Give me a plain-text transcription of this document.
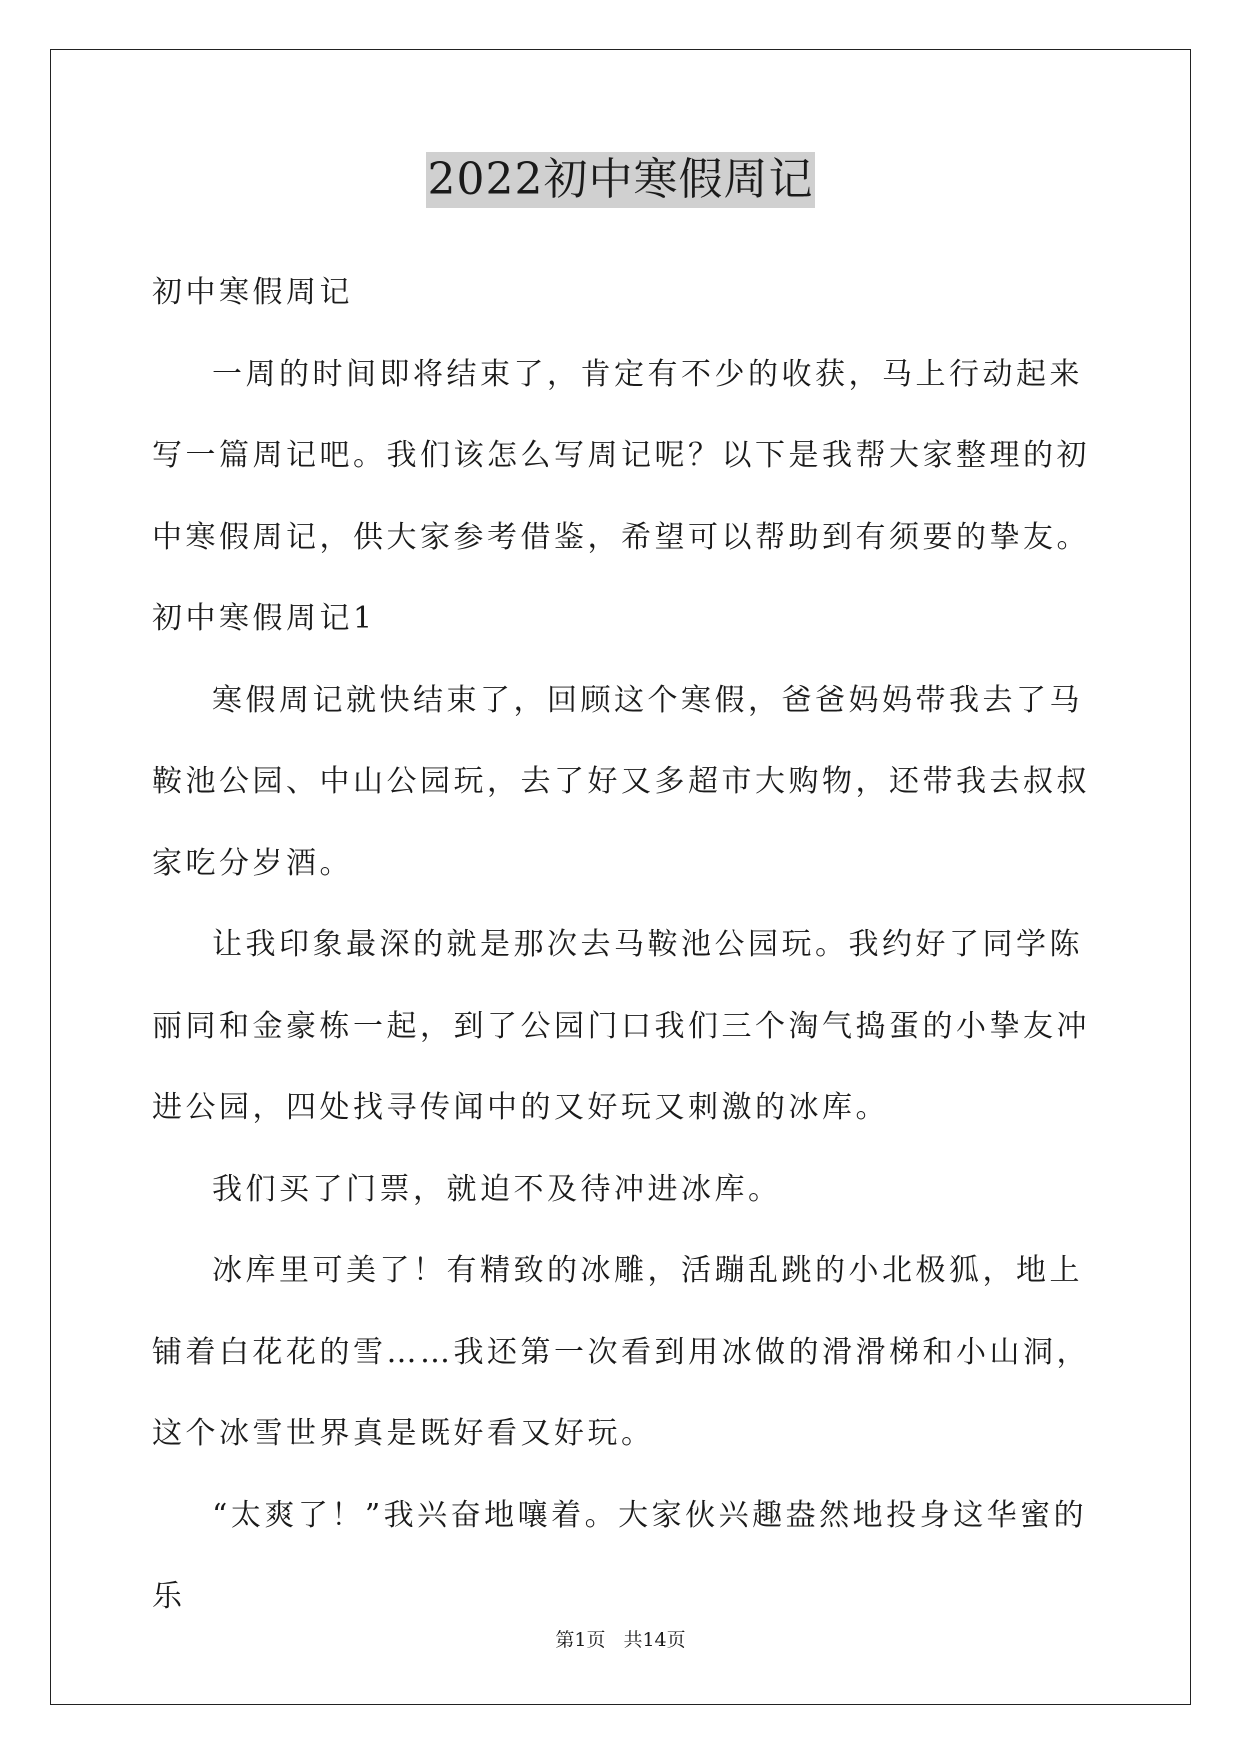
2022初中寒假周记

初中寒假周记

一周的时间即将结束了，肯定有不少的收获，马上行动起来写一篇周记吧。我们该怎么写周记呢？以下是我帮大家整理的初中寒假周记，供大家参考借鉴，希望可以帮助到有须要的挚友。

初中寒假周记1

寒假周记就快结束了，回顾这个寒假，爸爸妈妈带我去了马鞍池公园、中山公园玩，去了好又多超市大购物，还带我去叔叔家吃分岁酒。

让我印象最深的就是那次去马鞍池公园玩。我约好了同学陈丽同和金豪栋一起，到了公园门口我们三个淘气捣蛋的小挚友冲进公园，四处找寻传闻中的又好玩又刺激的冰库。

我们买了门票，就迫不及待冲进冰库。

冰库里可美了！有精致的冰雕，活蹦乱跳的小北极狐，地上铺着白花花的雪……我还第一次看到用冰做的滑滑梯和小山洞，这个冰雪世界真是既好看又好玩。

“太爽了！”我兴奋地嚷着。大家伙兴趣盎然地投身这华蜜的乐

第1页 共14页
